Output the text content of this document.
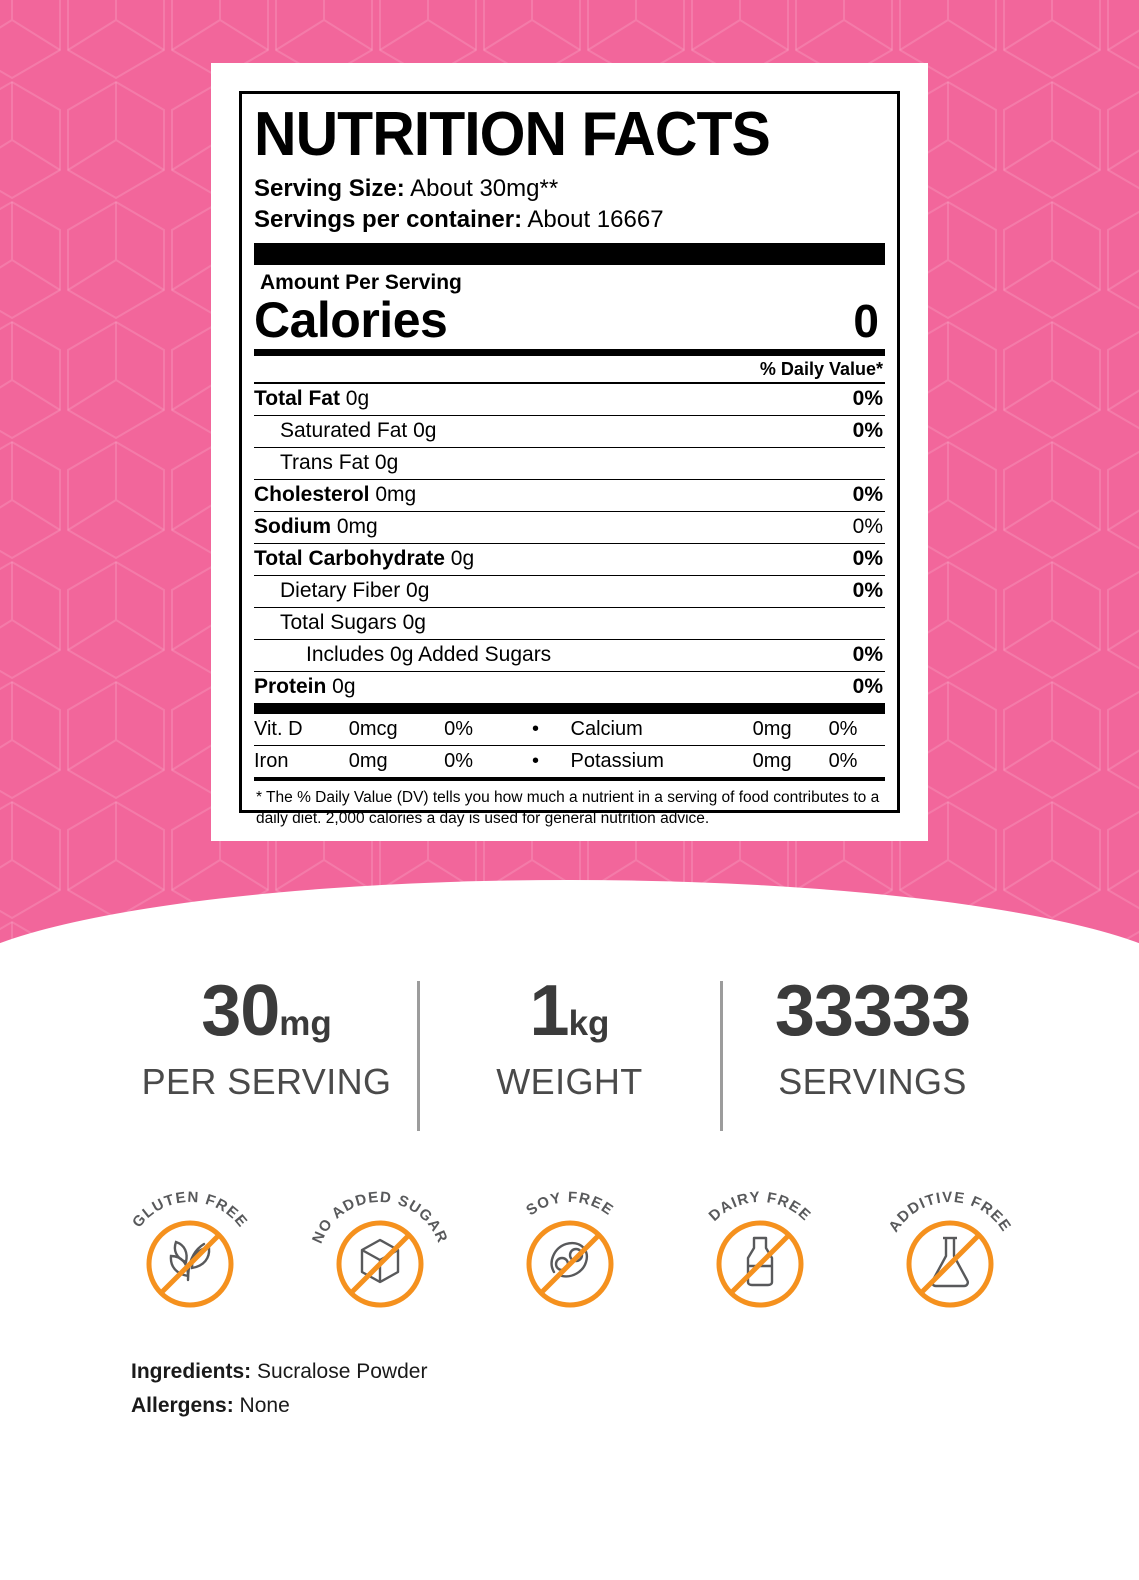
NUTRITION FACTS
Serving Size: About 30mg**
Servings per container: About 16667
Amount Per Serving
Calories	0
% Daily Value*
Total Fat 0g	0%
Saturated Fat 0g	0%
Trans Fat 0g
Cholesterol 0mg	0%
Sodium 0mg	0%
Total Carbohydrate 0g	0%
Dietary Fiber 0g	0%
Total Sugars 0g
Includes 0g Added Sugars	0%
Protein 0g	0%
Vit. D	0mcg	0%	•	Calcium	0mg	0%
Iron	0mg	0%	•	Potassium	0mg	0%
* The % Daily Value (DV) tells you how much a nutrient in a serving of food contributes to a daily diet. 2,000 calories a day is used for general nutrition advice.
30mg
PER SERVING
1kg
WEIGHT
33333
SERVINGS
GLUTEN FREE
NO ADDED SUGAR
SOY FREE	DAIRY FREE
ADDITIVE FREE
Ingredients: Sucralose Powder
Allergens: None
